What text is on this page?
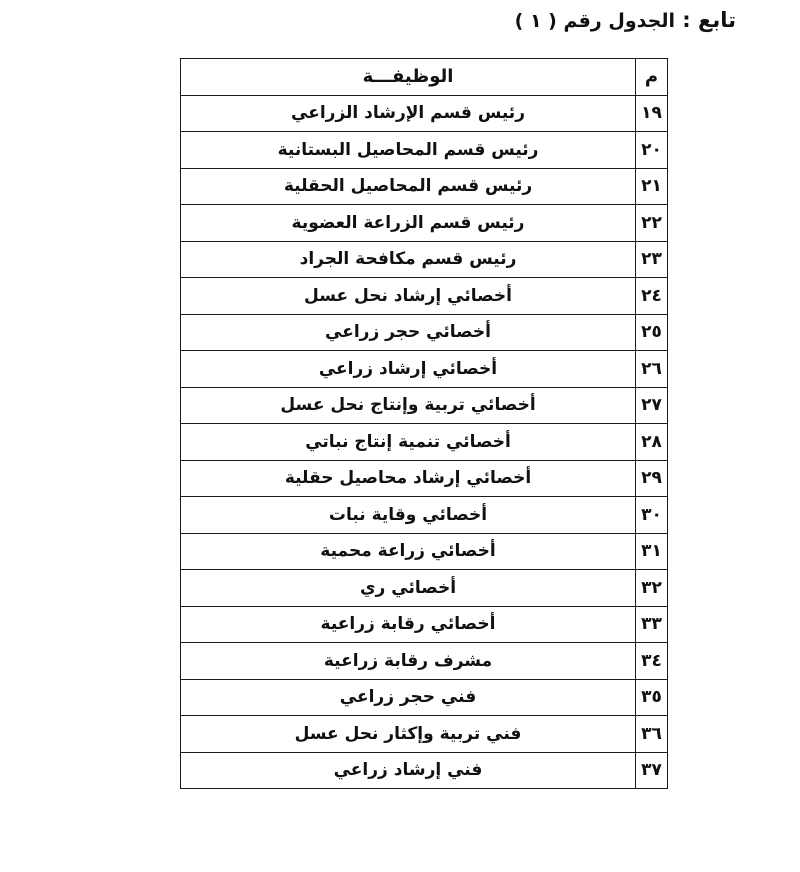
تابع : الجدول رقم ( ١ )
م	الوظيفـــة
١٩	رئيس قسم الإرشاد الزراعي
٢٠	رئيس قسم المحاصيل البستانية
٢١	رئيس قسم المحاصيل الحقلية
٢٢	رئيس قسم الزراعة العضوية
٢٣	رئيس قسم مكافحة الجراد
٢٤	أخصائي إرشاد نحل عسل
٢٥	أخصائي حجر زراعي
٢٦	أخصائي إرشاد زراعي
٢٧	أخصائي تربية وإنتاج نحل عسل
٢٨	أخصائي تنمية إنتاج نباتي
٢٩	أخصائي إرشاد محاصيل حقلية
٣٠	أخصائي وقاية نبات
٣١	أخصائي زراعة محمية
٣٢	أخصائي ري
٣٣	أخصائي رقابة زراعية
٣٤	مشرف رقابة زراعية
٣٥	فني حجر زراعي
٣٦	فني تربية وإكثار نحل عسل
٣٧	فني إرشاد زراعي
